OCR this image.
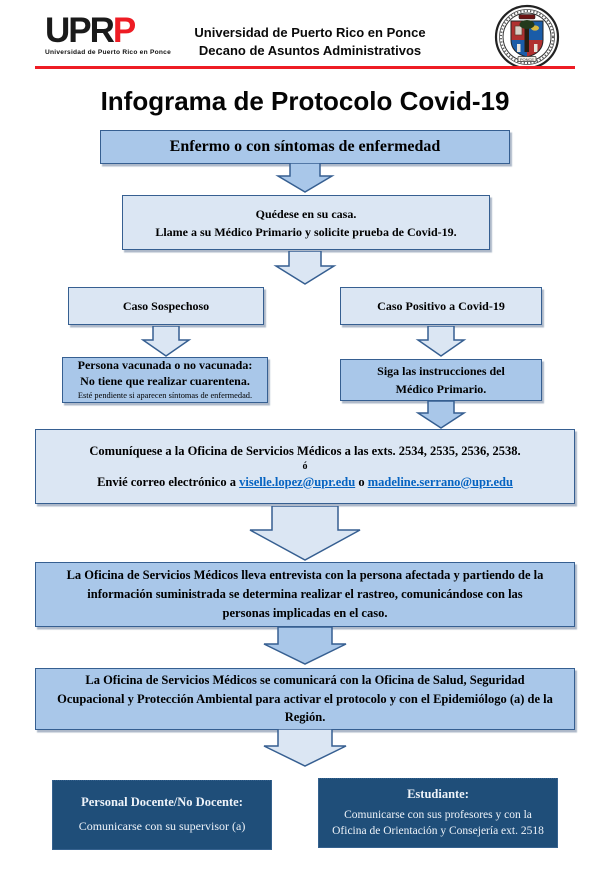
UPRP
Universidad de Puerto Rico en Ponce
Universidad de Puerto Rico en Ponce
Decano de Asuntos Administrativos
PONCE
Infograma de Protocolo Covid-19
Enfermo o con síntomas de enfermedad
Quédese en su casa.
Llame a su Médico Primario y solicite prueba de Covid-19.
Caso Sospechoso	Caso Positivo a Covid-19
Persona vacunada o no vacunada:
No tiene que realizar cuarentena.
Esté pendiente si aparecen síntomas de enfermedad.
Siga las instrucciones del
Médico Primario.
Comuníquese a la Oficina de Servicios Médicos a las exts. 2534, 2535, 2536, 2538.
ó
Envié correo electrónico a viselle.lopez@upr.edu o madeline.serrano@upr.edu
La Oficina de Servicios Médicos lleva entrevista con la persona afectada y partiendo de la información suministrada se determina realizar el rastreo, comunicándose con las personas implicadas en el caso.
La Oficina de Servicios Médicos se comunicará con la Oficina de Salud, Seguridad Ocupacional y Protección Ambiental para activar el protocolo y con el Epidemiólogo (a) de la Región.
Personal Docente/No Docente:
Comunicarse con su supervisor (a)
Estudiante:
Comunicarse con sus profesores y con la
Oficina de Orientación y Consejería ext. 2518
